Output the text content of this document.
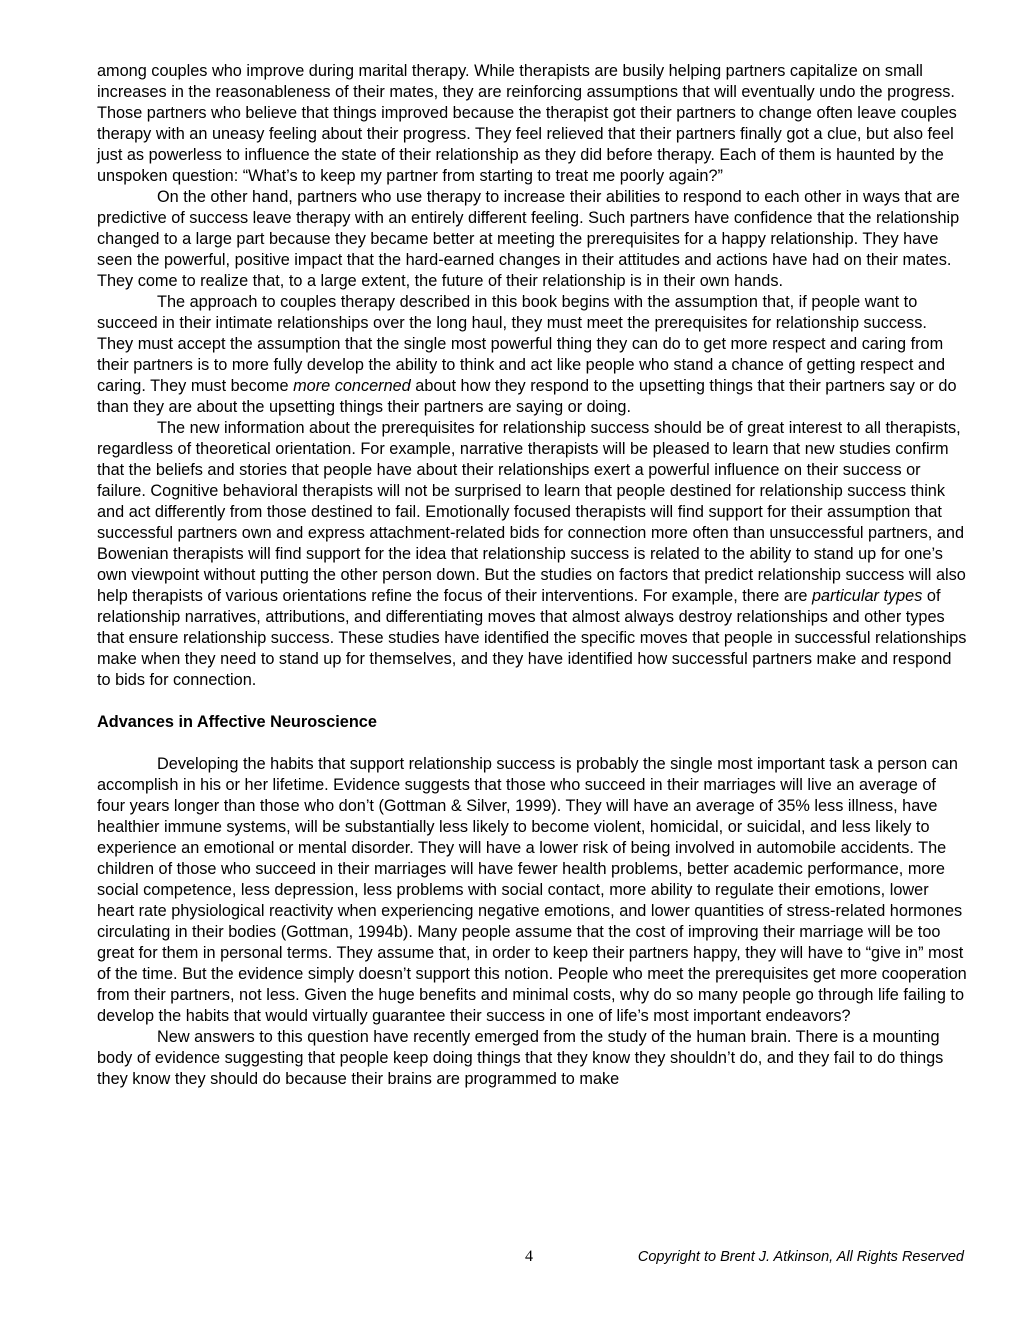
among couples who improve during marital therapy. While therapists are busily helping partners capitalize on small increases in the reasonableness of their mates, they are reinforcing assumptions that will eventually undo the progress. Those partners who believe that things improved because the therapist got their partners to change often leave couples therapy with an uneasy feeling about their progress. They feel relieved that their partners finally got a clue, but also feel just as powerless to influence the state of their relationship as they did before therapy. Each of them is haunted by the unspoken question: “What’s to keep my partner from starting to treat me poorly again?”

On the other hand, partners who use therapy to increase their abilities to respond to each other in ways that are predictive of success leave therapy with an entirely different feeling. Such partners have confidence that the relationship changed to a large part because they became better at meeting the prerequisites for a happy relationship. They have seen the powerful, positive impact that the hard-earned changes in their attitudes and actions have had on their mates. They come to realize that, to a large extent, the future of their relationship is in their own hands.

The approach to couples therapy described in this book begins with the assumption that, if people want to succeed in their intimate relationships over the long haul, they must meet the prerequisites for relationship success. They must accept the assumption that the single most powerful thing they can do to get more respect and caring from their partners is to more fully develop the ability to think and act like people who stand a chance of getting respect and caring. They must become more concerned about how they respond to the upsetting things that their partners say or do than they are about the upsetting things their partners are saying or doing.

The new information about the prerequisites for relationship success should be of great interest to all therapists, regardless of theoretical orientation. For example, narrative therapists will be pleased to learn that new studies confirm that the beliefs and stories that people have about their relationships exert a powerful influence on their success or failure. Cognitive behavioral therapists will not be surprised to learn that people destined for relationship success think and act differently from those destined to fail. Emotionally focused therapists will find support for their assumption that successful partners own and express attachment-related bids for connection more often than unsuccessful partners, and Bowenian therapists will find support for the idea that relationship success is related to the ability to stand up for one’s own viewpoint without putting the other person down. But the studies on factors that predict relationship success will also help therapists of various orientations refine the focus of their interventions. For example, there are particular types of relationship narratives, attributions, and differentiating moves that almost always destroy relationships and other types that ensure relationship success. These studies have identified the specific moves that people in successful relationships make when they need to stand up for themselves, and they have identified how successful partners make and respond to bids for connection.

Advances in Affective Neuroscience

Developing the habits that support relationship success is probably the single most important task a person can accomplish in his or her lifetime. Evidence suggests that those who succeed in their marriages will live an average of four years longer than those who don’t (Gottman & Silver, 1999). They will have an average of 35% less illness, have healthier immune systems, will be substantially less likely to become violent, homicidal, or suicidal, and less likely to experience an emotional or mental disorder. They will have a lower risk of being involved in automobile accidents. The children of those who succeed in their marriages will have fewer health problems, better academic performance, more social competence, less depression, less problems with social contact, more ability to regulate their emotions, lower heart rate physiological reactivity when experiencing negative emotions, and lower quantities of stress-related hormones circulating in their bodies (Gottman, 1994b). Many people assume that the cost of improving their marriage will be too great for them in personal terms. They assume that, in order to keep their partners happy, they will have to “give in” most of the time. But the evidence simply doesn’t support this notion. People who meet the prerequisites get more cooperation from their partners, not less. Given the huge benefits and minimal costs, why do so many people go through life failing to develop the habits that would virtually guarantee their success in one of life’s most important endeavors?

New answers to this question have recently emerged from the study of the human brain. There is a mounting body of evidence suggesting that people keep doing things that they know they shouldn’t do, and they fail to do things they know they should do because their brains are programmed to make

4	Copyright to Brent J. Atkinson, All Rights Reserved
